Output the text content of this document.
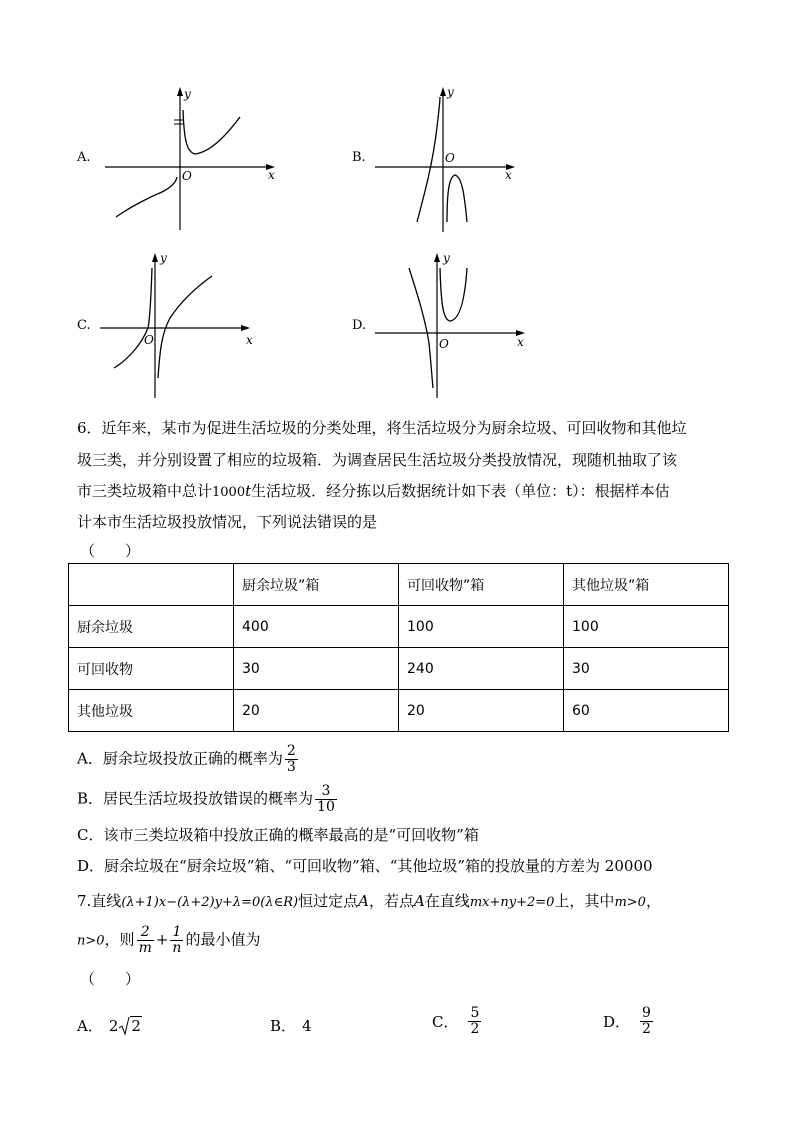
A.
y
O	x
B.
y
O
x
C.
y
O	x
D.
y
O	x
6．近年来，某市为促进生活垃圾的分类处理，将生活垃圾分为厨余垃圾、可回收物和其他垃
圾三类，并分别设置了相应的垃圾箱．为调查居民生活垃圾分类投放情况，现随机抽取了该
市三类垃圾箱中总计1000t生活垃圾．经分拣以后数据统计如下表（单位：t）：根据样本估
计本市生活垃圾投放情况，下列说法错误的是
（　　）
	厨余垃圾”箱	可回收物”箱	其他垃圾”箱
厨余垃圾	400	100	100
可回收物	30	240	30
其他垃圾	20	20	60
A．厨余垃圾投放正确的概率为 $\frac{2}{3}$
B．居民生活垃圾投放错误的概率为 $\frac{3}{10}$
C．该市三类垃圾箱中投放正确的概率最高的是“可回收物”箱
D．厨余垃圾在“厨余垃圾”箱、“可回收物”箱、“其他垃圾”箱的投放量的方差为 20000
7.直线(λ+1)x−(λ+2)y+λ=0(λ∈R)恒过定点A，若点A在直线mx+ny+2=0上，其中m>0，
n>0，则 $\frac{2}{m} + \frac{1}{n}$ 的最小值为
（　　）
A． 2 2	B． 4	C． $\frac{5}{2}$	D． $\frac{9}{2}$
